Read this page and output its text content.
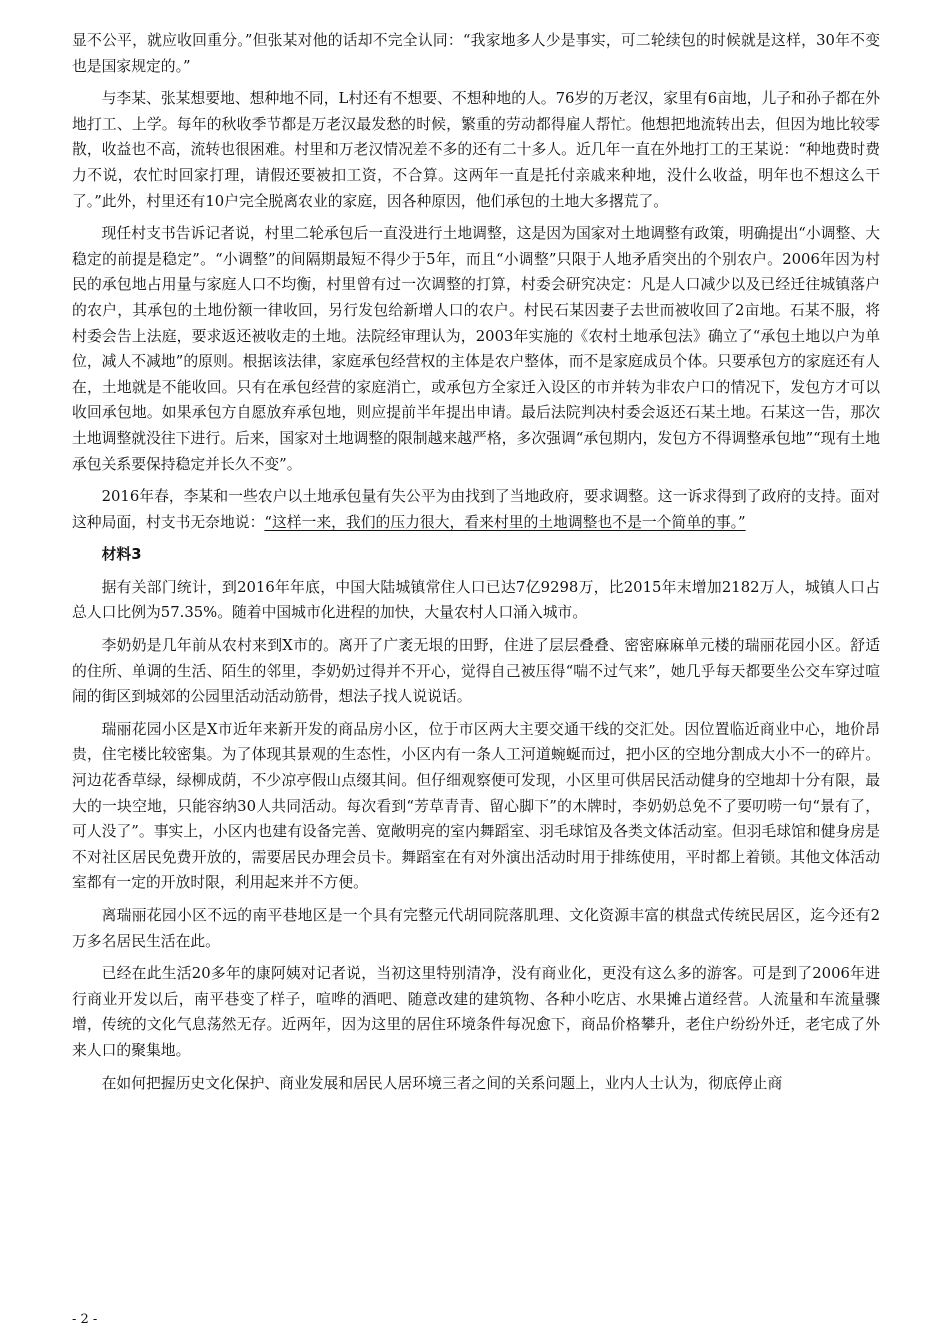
显不公平，就应收回重分。”但张某对他的话却不完全认同：“我家地多人少是事实，可二轮续包的时候就是这样，30年不变也是国家规定的。”

与李某、张某想要地、想种地不同，L村还有不想要、不想种地的人。76岁的万老汉，家里有6亩地，儿子和孙子都在外地打工、上学。每年的秋收季节都是万老汉最发愁的时候，繁重的劳动都得雇人帮忙。他想把地流转出去，但因为地比较零散，收益也不高，流转也很困难。村里和万老汉情况差不多的还有二十多人。近几年一直在外地打工的王某说：“种地费时费力不说，农忙时回家打理，请假还要被扣工资，不合算。这两年一直是托付亲戚来种地，没什么收益，明年也不想这么干了。”此外，村里还有10户完全脱离农业的家庭，因各种原因，他们承包的土地大多撂荒了。

现任村支书告诉记者说，村里二轮承包后一直没进行土地调整，这是因为国家对土地调整有政策，明确提出“小调整、大稳定的前提是稳定”。“小调整”的间隔期最短不得少于5年，而且“小调整”只限于人地矛盾突出的个别农户。2006年因为村民的承包地占用量与家庭人口不均衡，村里曾有过一次调整的打算，村委会研究决定：凡是人口减少以及已经迁往城镇落户的农户，其承包的土地份额一律收回，另行发包给新增人口的农户。村民石某因妻子去世而被收回了2亩地。石某不服，将村委会告上法庭，要求返还被收走的土地。法院经审理认为，2003年实施的《农村土地承包法》确立了“承包土地以户为单位，减人不减地”的原则。根据该法律，家庭承包经营权的主体是农户整体，而不是家庭成员个体。只要承包方的家庭还有人在，土地就是不能收回。只有在承包经营的家庭消亡，或承包方全家迁入设区的市并转为非农户口的情况下，发包方才可以收回承包地。如果承包方自愿放弃承包地，则应提前半年提出申请。最后法院判决村委会返还石某土地。石某这一告，那次土地调整就没往下进行。后来，国家对土地调整的限制越来越严格，多次强调“承包期内，发包方不得调整承包地”“现有土地承包关系要保持稳定并长久不变”。

2016年春，李某和一些农户以土地承包量有失公平为由找到了当地政府，要求调整。这一诉求得到了政府的支持。面对这种局面，村支书无奈地说：“这样一来，我们的压力很大，看来村里的土地调整也不是一个简单的事。”

材料3

据有关部门统计，到2016年年底，中国大陆城镇常住人口已达7亿9298万，比2015年末增加2182万人，城镇人口占总人口比例为57.35%。随着中国城市化进程的加快，大量农村人口涌入城市。

李奶奶是几年前从农村来到X市的。离开了广袤无垠的田野，住进了层层叠叠、密密麻麻单元楼的瑞丽花园小区。舒适的住所、单调的生活、陌生的邻里，李奶奶过得并不开心，觉得自己被压得“喘不过气来”，她几乎每天都要坐公交车穿过喧闹的街区到城郊的公园里活动活动筋骨，想法子找人说说话。

瑞丽花园小区是X市近年来新开发的商品房小区，位于市区两大主要交通干线的交汇处。因位置临近商业中心，地价昂贵，住宅楼比较密集。为了体现其景观的生态性，小区内有一条人工河道蜿蜒而过，把小区的空地分割成大小不一的碎片。河边花香草绿，绿柳成荫，不少凉亭假山点缀其间。但仔细观察便可发现，小区里可供居民活动健身的空地却十分有限，最大的一块空地，只能容纳30人共同活动。每次看到“芳草青青、留心脚下”的木牌时，李奶奶总免不了要叨唠一句“景有了，可人没了”。事实上，小区内也建有设备完善、宽敞明亮的室内舞蹈室、羽毛球馆及各类文体活动室。但羽毛球馆和健身房是不对社区居民免费开放的，需要居民办理会员卡。舞蹈室在有对外演出活动时用于排练使用，平时都上着锁。其他文体活动室都有一定的开放时限，利用起来并不方便。

离瑞丽花园小区不远的南平巷地区是一个具有完整元代胡同院落肌理、文化资源丰富的棋盘式传统民居区，迄今还有2万多名居民生活在此。

已经在此生活20多年的康阿姨对记者说，当初这里特别清净，没有商业化，更没有这么多的游客。可是到了2006年进行商业开发以后，南平巷变了样子，喧哗的酒吧、随意改建的建筑物、各种小吃店、水果摊占道经营。人流量和车流量骤增，传统的文化气息荡然无存。近两年，因为这里的居住环境条件每况愈下，商品价格攀升，老住户纷纷外迁，老宅成了外来人口的聚集地。

在如何把握历史文化保护、商业发展和居民人居环境三者之间的关系问题上，业内人士认为，彻底停止商

- 2 -
